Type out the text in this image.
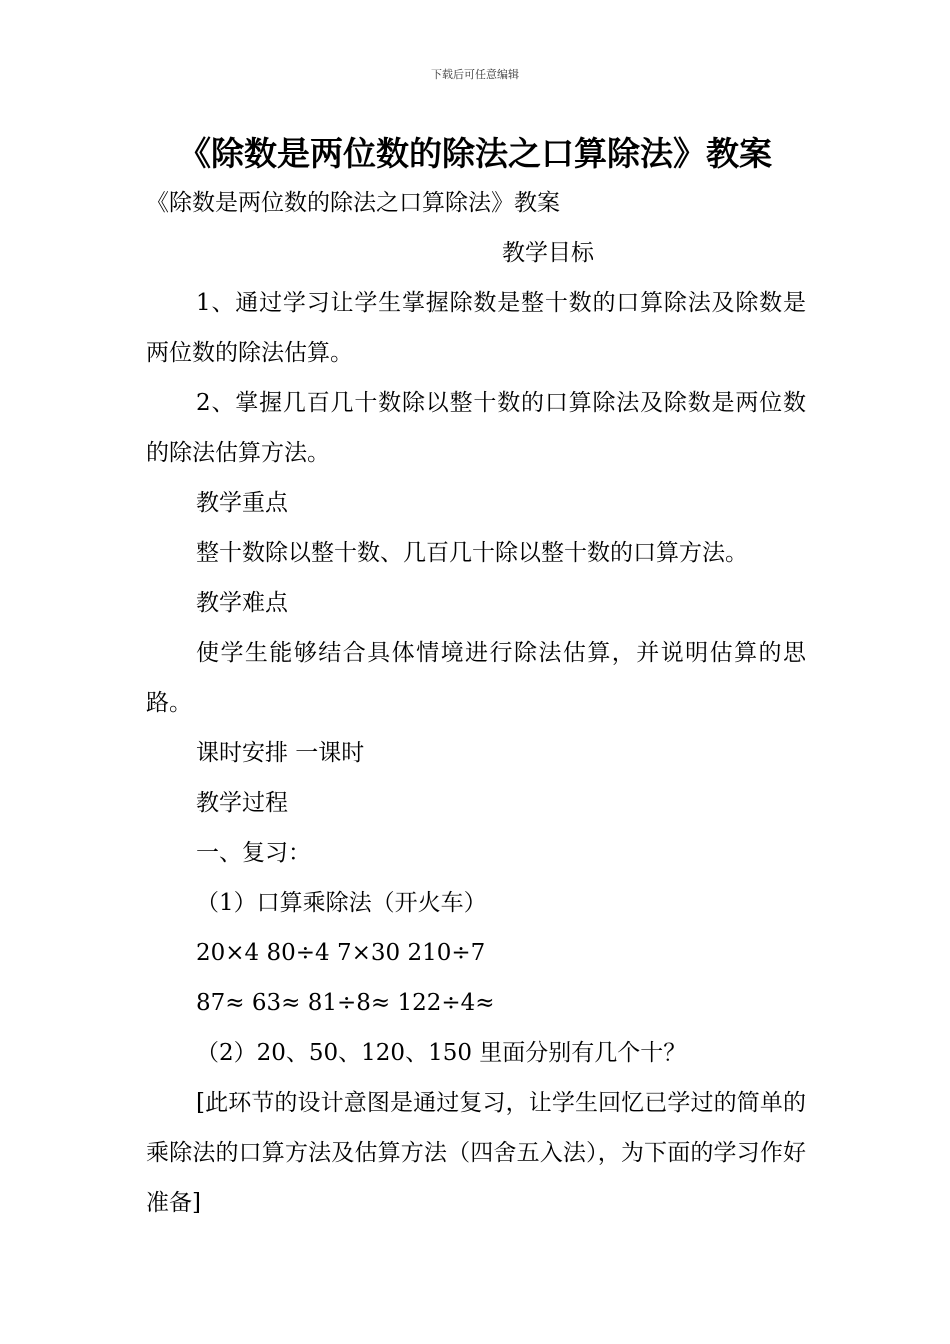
下载后可任意编辑
《除数是两位数的除法之口算除法》教案

《除数是两位数的除法之口算除法》教案

教学目标

1、通过学习让学生掌握除数是整十数的口算除法及除数是两位数的除法估算。

2、掌握几百几十数除以整十数的口算除法及除数是两位数的除法估算方法。

教学重点

整十数除以整十数、几百几十除以整十数的口算方法。

教学难点

使学生能够结合具体情境进行除法估算，并说明估算的思路。

课时安排 一课时

教学过程

一、复习：

（1）口算乘除法（开火车）

20×4 80÷4 7×30 210÷7

87≈ 63≈ 81÷8≈ 122÷4≈

（2）20、50、120、150 里面分别有几个十？

[此环节的设计意图是通过复习，让学生回忆已学过的简单的乘除法的口算方法及估算方法（四舍五入法），为下面的学习作好准备]
